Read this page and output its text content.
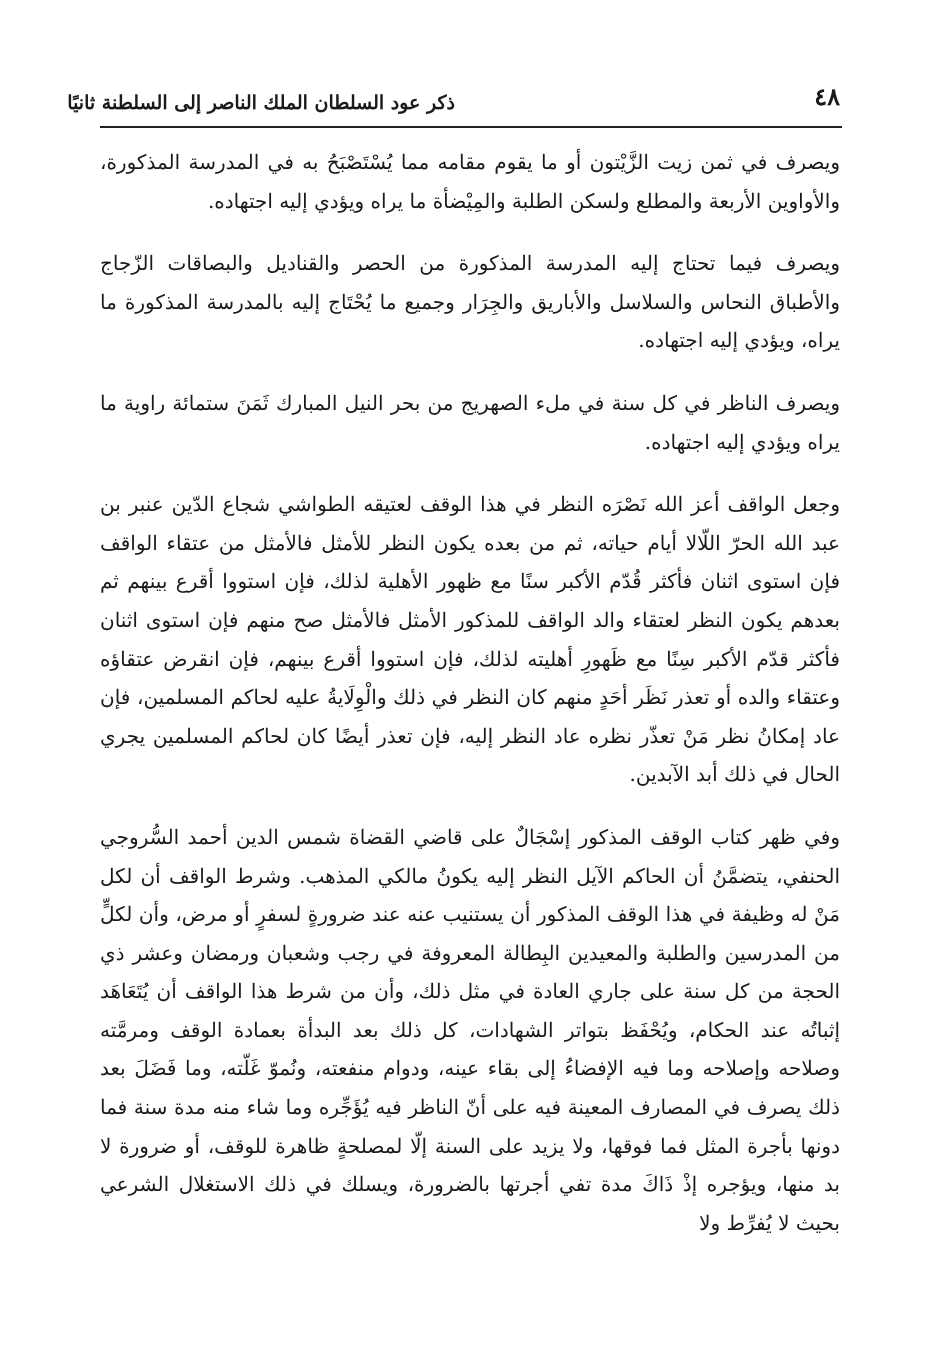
٤٨
ذكر عود السلطان الملك الناصر إلى السلطنة ثانيًا

ويصرف في ثمن زيت الزَّيْتون أو ما يقوم مقامه مما يُسْتَصْبَحُ به في المدرسة المذكورة، والأواوين الأربعة والمطلع ولسكن الطلبة والمِيْضأة ما يراه ويؤدي إليه اجتهاده.

ويصرف فيما تحتاج إليه المدرسة المذكورة من الحصر والقناديل والبصاقات الزّجاج والأطباق النحاس والسلاسل والأباريق والجِرَار وجميع ما يُحْتَاج إليه بالمدرسة المذكورة ما يراه، ويؤدي إليه اجتهاده.

ويصرف الناظر في كل سنة في ملء الصهريج من بحر النيل المبارك ثَمَنَ ستمائة راوية ما يراه ويؤدي إليه اجتهاده.

وجعل الواقف أعز الله نَصْرَه النظر في هذا الوقف لعتيقه الطواشي شجاع الدّين عنبر بن عبد الله الحرّ اللّالا أيام حياته، ثم من بعده يكون النظر للأمثل فالأمثل من عتقاء الواقف فإن استوى اثنان فأكثر قُدّم الأكبر سنًا مع ظهور الأهلية لذلك، فإن استووا أقرع بينهم ثم بعدهم يكون النظر لعتقاء والد الواقف للمذكور الأمثل فالأمثل صح منهم فإن استوى اثنان فأكثر قدّم الأكبر سِنًا مع ظَهورِ أهليته لذلك، فإن استووا أقرع بينهم، فإن انقرض عتقاؤه وعتقاء والده أو تعذر نَظَر أحَدٍ منهم كان النظر في ذلك والْوِلَايةُ عليه لحاكم المسلمين، فإن عاد إمكانُ نظر مَنْ تعذّر نظره عاد النظر إليه، فإن تعذر أيضًا كان لحاكم المسلمين يجري الحال في ذلك أبد الآبدين.

وفي ظهر كتاب الوقف المذكور إسْجَالٌ على قاضي القضاة شمس الدين أحمد السُّروجي الحنفي، يتضمَّنُ أن الحاكم الآيل النظر إليه يكونُ مالكي المذهب. وشرط الواقف أن لكل مَنْ له وظيفة في هذا الوقف المذكور أن يستنيب عنه عند ضرورةٍ لسفرٍ أو مرض، وأن لكلٍّ من المدرسين والطلبة والمعيدين البِطالة المعروفة في رجب وشعبان ورمضان وعشر ذي الحجة من كل سنة على جاري العادة في مثل ذلك، وأن من شرط هذا الواقف أن يُتَعَاهَد إثباتُه عند الحكام، ويُحْفَظ بتواتر الشهادات، كل ذلك بعد البدأة بعمادة الوقف ومرمَّته وصلاحه وإصلاحه وما فيه الإفضاءُ إلى بقاء عينه، ودوام منفعته، ونُموّ غَلّته، وما فَضَلَ بعد ذلك يصرف في المصارف المعينة فيه على أنّ الناظر فيه يُؤَجِّره وما شاء منه مدة سنة فما دونها بأجرة المثل فما فوقها، ولا يزيد على السنة إلّا لمصلحةٍ ظاهرة للوقف، أو ضرورة لا بد منها، ويؤجره إذْ ذَاكَ مدة تفي أجرتها بالضرورة، ويسلك في ذلك الاستغلال الشرعي بحيث لا يُفرِّط ولا
